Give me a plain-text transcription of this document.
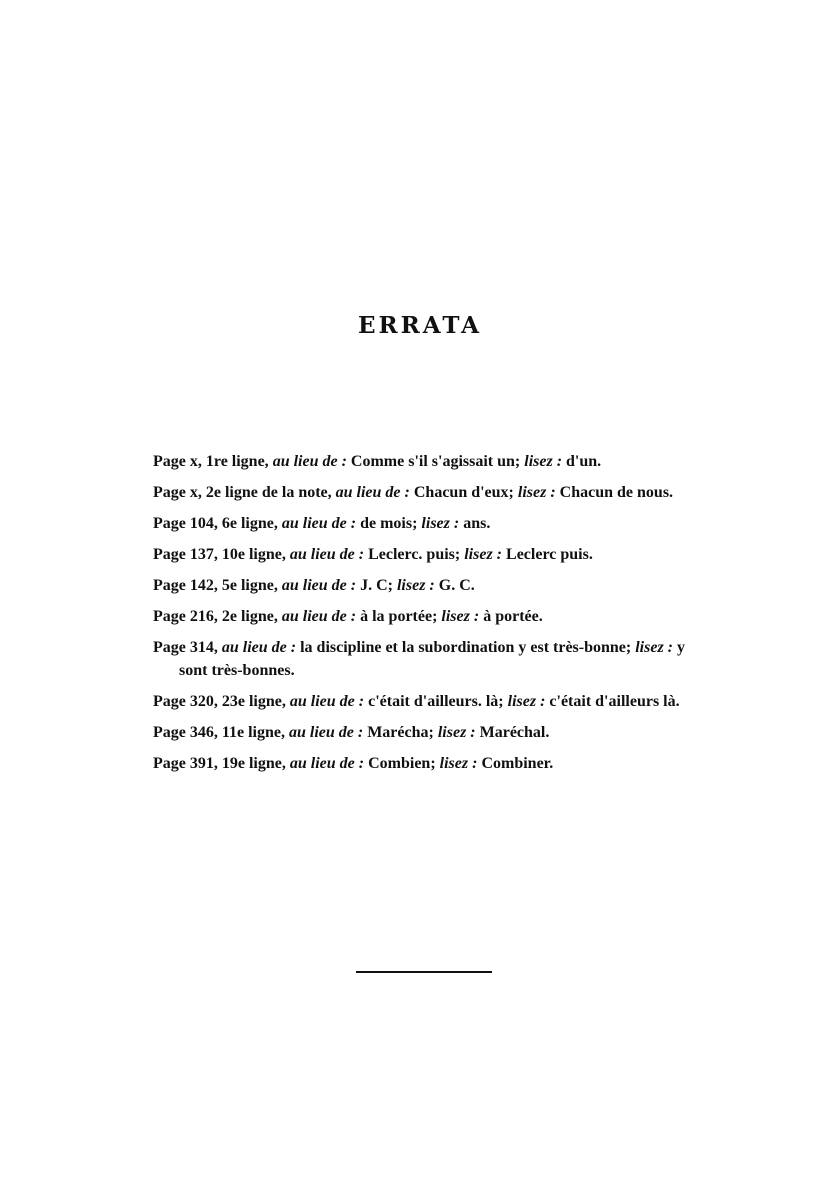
ERRATA
Page x, 1re ligne, au lieu de : Comme s'il s'agissait un; lisez : d'un.
Page x, 2e ligne de la note, au lieu de : Chacun d'eux; lisez : Chacun de nous.
Page 104, 6e ligne, au lieu de : de mois; lisez : ans.
Page 137, 10e ligne, au lieu de : Leclerc. puis; lisez : Leclerc puis.
Page 142, 5e ligne, au lieu de : J. C; lisez : G. C.
Page 216, 2e ligne, au lieu de : à la portée; lisez : à portée.
Page 314, au lieu de : la discipline et la subordination y est très-bonne; lisez : y sont très-bonnes.
Page 320, 23e ligne, au lieu de : c'était d'ailleurs. là; lisez : c'était d'ailleurs là.
Page 346, 11e ligne, au lieu de : Marécha; lisez : Maréchal.
Page 391, 19e ligne, au lieu de : Combien; lisez : Combiner.
